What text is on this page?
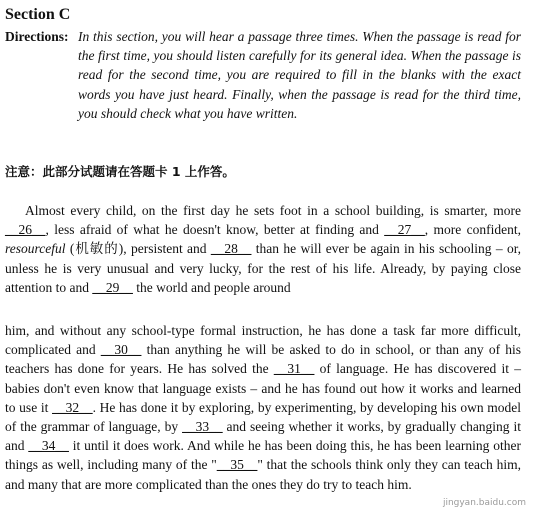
Section C
Directions: In this section, you will hear a passage three times. When the passage is read for the first time, you should listen carefully for its general idea. When the passage is read for the second time, you are required to fill in the blanks with the exact words you have just heard. Finally, when the passage is read for the third time, you should check what you have written.
注意：此部分试题请在答题卡 1 上作答。
Almost every child, on the first day he sets foot in a school building, is smarter, more __26__, less afraid of what he doesn't know, better at finding and __27__, more confident, resourceful (机敏的), persistent and __28__ than he will ever be again in his schooling – or, unless he is very unusual and very lucky, for the rest of his life. Already, by paying close attention to and __29__ the world and people around
him, and without any school-type formal instruction, he has done a task far more difficult, complicated and __30__ than anything he will be asked to do in school, or than any of his teachers has done for years. He has solved the __31__ of language. He has discovered it – babies don't even know that language exists – and he has found out how it works and learned to use it __32__. He has done it by exploring, by experimenting, by developing his own model of the grammar of language, by __33__ and seeing whether it works, by gradually changing it and __34__ it until it does work. And while he has been doing this, he has been learning other things as well, including many of the "__35__" that the schools think only they can teach him, and many that are more complicated than the ones they do try to teach him.
jingyan.baidu.com
